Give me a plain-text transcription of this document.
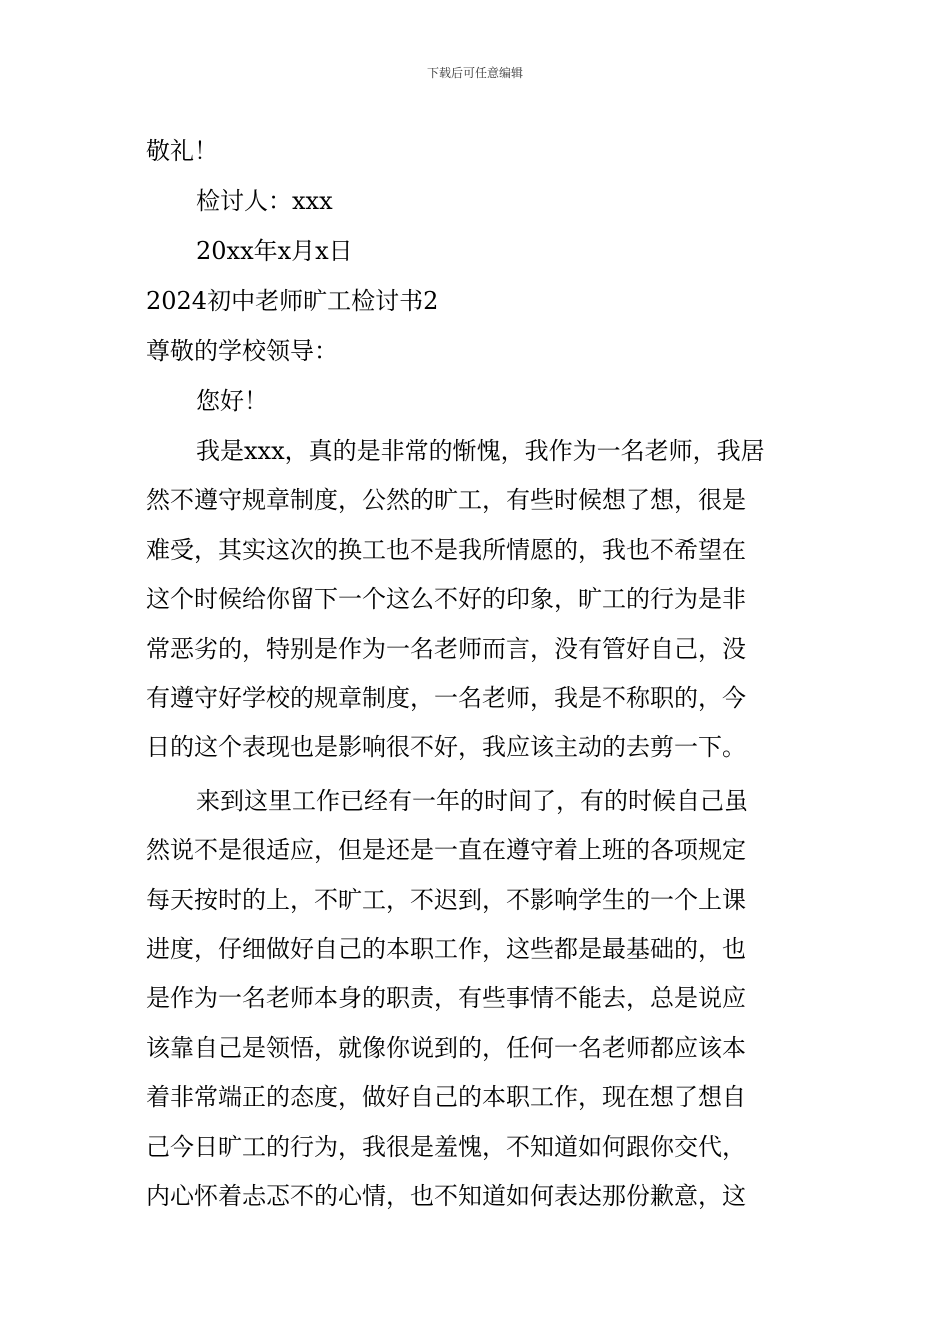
下载后可任意编辑
敬礼！
检讨人：xxx
20xx年x月x日
2024初中老师旷工检讨书2
尊敬的学校领导：
您好！
我是xxx，真的是非常的惭愧，我作为一名老师，我居
然不遵守规章制度，公然的旷工，有些时候想了想，很是
难受，其实这次的换工也不是我所情愿的，我也不希望在
这个时候给你留下一个这么不好的印象，旷工的行为是非
常恶劣的，特别是作为一名老师而言，没有管好自己，没
有遵守好学校的规章制度，一名老师，我是不称职的，今
日的这个表现也是影响很不好，我应该主动的去剪一下。
来到这里工作已经有一年的时间了，有的时候自己虽
然说不是很适应，但是还是一直在遵守着上班的各项规定
每天按时的上，不旷工，不迟到，不影响学生的一个上课
进度，仔细做好自己的本职工作，这些都是最基础的，也
是作为一名老师本身的职责，有些事情不能去，总是说应
该靠自己是领悟，就像你说到的，任何一名老师都应该本
着非常端正的态度，做好自己的本职工作，现在想了想自
己今日旷工的行为，我很是羞愧，不知道如何跟你交代，
内心怀着忐忑不的心情，也不知道如何表达那份歉意，这
